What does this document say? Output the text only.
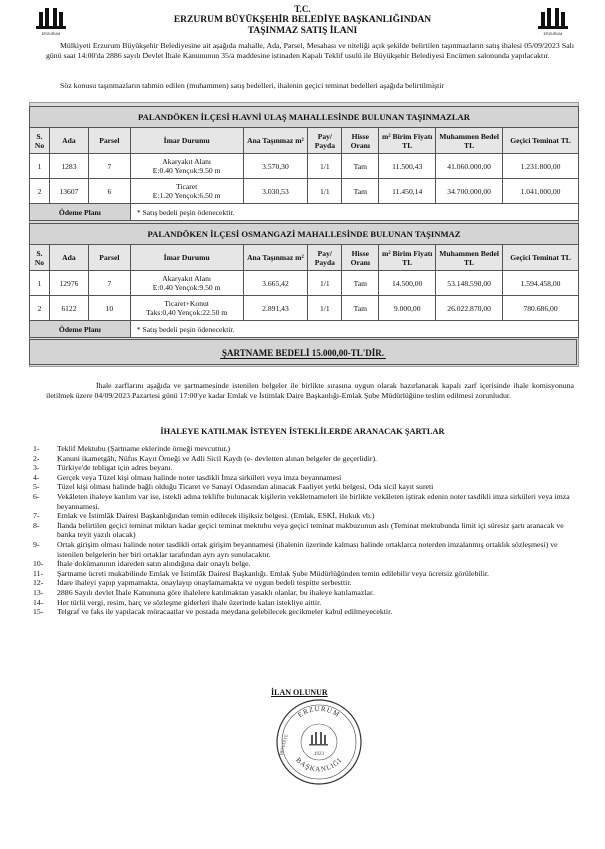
ERZURUM	ERZURUM
T.C.
ERZURUM BÜYÜKŞEHİR BELEDİYE BAŞKANLIĞINDAN
TAŞINMAZ SATIŞ İLANI
Mülkiyeti Erzurum Büyükşehir Belediyesine ait aşağıda mahalle, Ada, Parsel, Mesahası ve niteliği açık şekilde belirtilen taşınmazların satış ihalesi 05/09/2023 Salı günü saat 14:00'da 2886 sayılı Devlet İhale Kanununun 35/a maddesine istinaden Kapalı Teklif usulü ile Büyükşehir Belediyesi Encümen salonunda yapılacaktır.
Söz konusu taşınmazların tahmin edilen (muhammen) satış bedelleri, ihalenin geçici teminat bedelleri aşağıda belirtilmiştir
PALANDÖKEN İLÇESİ H.AVNİ ULAŞ MAHALLESİNDE BULUNAN TAŞINMAZLAR									
S. No	Ada	Parsel	İmar Durumu	Ana Taşınmaz m²	Pay/ Payda	Hisse Oranı	m² Birim Fiyatı TL	Muhammen Bedel TL	Geçici Teminat TL
1	1283	7	Akaryakıt Alanı
E:0.40 Yençok:9.50 m	3.570,30	1/1	Tam	11.500,43	41.060.000,00	1.231.800,00
2	13607	6	Ticaret
E:1.20 Yençok:6.50 m	3.030,53	1/1	Tam	11.450,14	34.700.000,00	1.041.000,00
Ödeme Planı			* Satış bedeli peşin ödenecektir.						
PALANDÖKEN İLÇESİ OSMANGAZİ MAHALLESİNDE BULUNAN TAŞINMAZ									
S. No	Ada	Parsel	İmar Durumu	Ana Taşınmaz m²	Pay/ Payda	Hisse Oranı	m² Birim Fiyatı TL	Muhammen Bedel TL	Geçici Teminat TL
1	12976	7	Akaryakıt Alanı
E:0.40 Yençok:9.50 m	3.665,42	1/1	Tam	14.500,00	53.148.590,00	1.594.458,00
2	6122	10	Ticaret+Konut
Taks:0,40 Yençok:22.50 m	2.891,43	1/1	Tam	9.000,00	26.022.870,00	780.686,00
Ödeme Planı			* Satış bedeli peşin ödenecektir.						
ŞARTNAME BEDELİ 15.000,00-TL'DİR.
İhale zarflarını aşağıda ve şartnamesinde istenilen belgeler ile birlikte sırasına uygun olarak hazırlanarak kapalı zarf içerisinde ihale komisyonuna iletilmek üzere 04/09/2023 Pazartesi günü 17:00'ye kadar Emlak ve İstimlak Daire Başkanlığı-Emlak Şube Müdürlüğüne teslim edilmesi zorunludur.
İHALEYE KATILMAK İSTEYEN İSTEKLİLERDE ARANACAK ŞARTLAR
1-	Teklif Mektubu (Şartname eklerinde örneği mevcuttur.)
2-	Kanuni ikametgâh, Nüfus Kayıt Örneği ve Adli Sicil Kaydı (e- devletten alınan belgeler de geçerlidir).
3-	Türkiye'de tebligat için adres beyanı.
4-	Gerçek veya Tüzel kişi olması halinde noter tasdikli İmza sirküleri veya imza beyannamesi
5-	Tüzel kişi olması halinde bağlı olduğu Ticaret ve Sanayi Odasından alınacak Faaliyet yetki belgesi, Oda sicil kayıt sureti
6-	Vekâleten ihaleye katılım var ise, istekli adına teklifte bulunacak kişilerin vekâletnameleri ile birlikte vekâleten iştirak edenin noter tasdikli imza sirküleri veya imza beyannamesi.
7-	Emlak ve İstimlâk Dairesi Başkanlığından temin edilecek ilişiksiz belgesi. (Emlak, ESKİ, Hukuk vb.)
8-	İlanda belirtilen geçici teminat miktarı kadar geçici teminat mektubu veya geçici teminat makbuzunun aslı (Teminat mektubunda limit içi süresiz şartı aranacak ve banka teyit yazılı olacak)
9-	Ortak girişim olması halinde noter tasdikli ortak girişim beyannamesi (ihalenin üzerinde kalması halinde ortaklarca noterden imzalanmış ortaklık sözleşmesi) ve istenilen belgelerin her biri ortaklar tarafından ayrı ayrı sunulacaktır.
10-	İhale dokümanının idareden satın alındığına dair onaylı belge.
11-	Şartname ücreti mukabilinde Emlak ve İstimlâk Dairesi Başkanlığı. Emlak Şube Müdürlüğünden temin edilebilir veya ücretsiz görülebilir.
12-	İdare ihaleyi yapıp yapmamakta, onaylayıp onaylamamakta ve uygun bedeli tespitte serbesttir.
13-	2886 Sayılı devlet İhale Kanununa göre ihalelere katılmaktan yasaklı olanlar, bu ihaleye katılamazlar.
14-	Her türlü vergi, resim, harç ve sözleşme giderleri ihale üzerinde kalan istekliye aittir.
15-	Telgraf ve faks ile yapılacak müracaatlar ve postada meydana gelebilecek gecikmeler kabul edilmeyecektir.
İLAN OLUNUR
ERZURUM
BAŞKANLIĞI
1923
BELEDİYE
